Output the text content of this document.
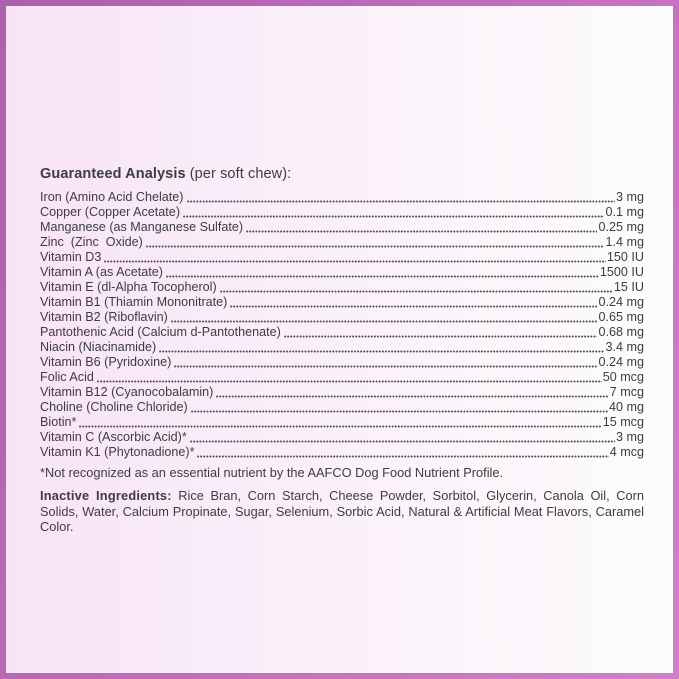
Guaranteed Analysis (per soft chew):

Iron (Amino Acid Chelate)	3 mg
Copper (Copper Acetate)	0.1 mg
Manganese (as Manganese Sulfate)	0.25 mg
Zinc  (Zinc  Oxide)	1.4 mg
Vitamin D3	150 IU
Vitamin A (as Acetate)	1500 IU
Vitamin E (dl-Alpha Tocopherol)	15 IU
Vitamin B1 (Thiamin Mononitrate)	0.24 mg
Vitamin B2 (Riboflavin)	0.65 mg
Pantothenic Acid (Calcium d-Pantothenate)	0.68 mg
Niacin (Niacinamide)	3.4 mg
Vitamin B6 (Pyridoxine)	0.24 mg
Folic Acid	50 mcg
Vitamin B12 (Cyanocobalamin)	7 mcg
Choline (Choline Chloride)	40 mg
Biotin*	15 mcg
Vitamin C (Ascorbic Acid)*	3 mg
Vitamin K1 (Phytonadione)*	4 mcg

*Not recognized as an essential nutrient by the AAFCO Dog Food Nutrient Profile.

Inactive Ingredients: Rice Bran, Corn Starch, Cheese Powder, Sorbitol, Glycerin, Canola Oil, Corn Solids, Water, Calcium Propinate, Sugar, Selenium, Sorbic Acid, Natural & Artificial Meat Flavors, Caramel Color.
